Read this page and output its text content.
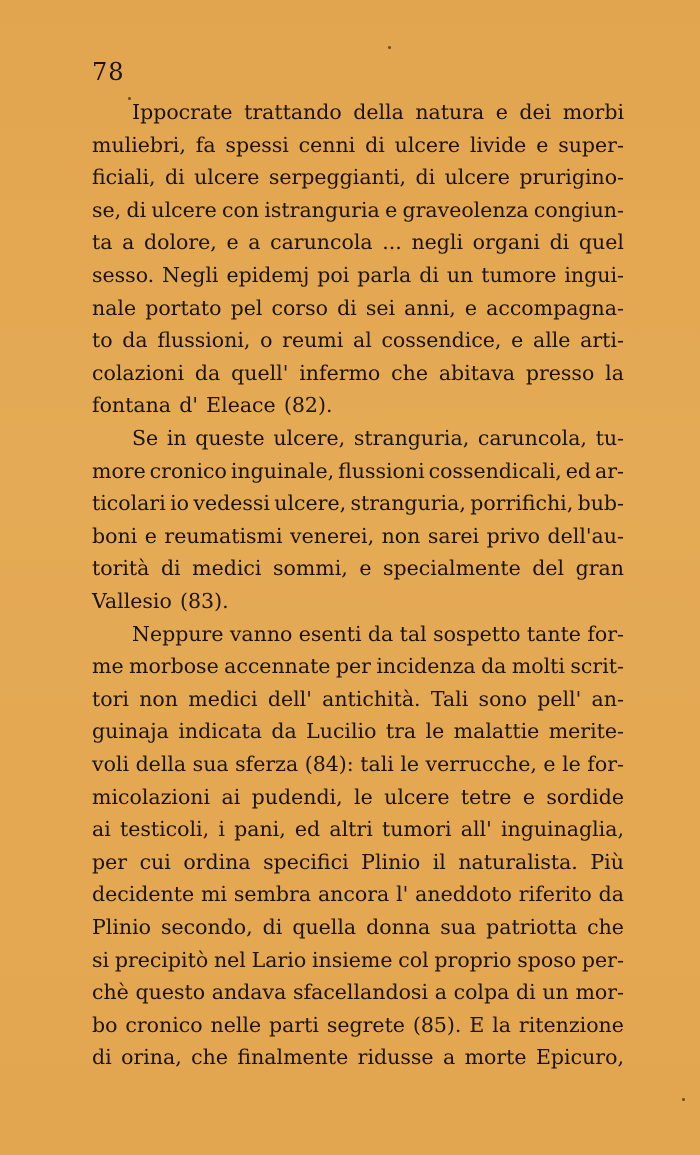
78
Ippocrate trattando della natura e dei morbi
muliebri, fa spessi cenni di ulcere livide e super-
ficiali, di ulcere serpeggianti, di ulcere prurigino-
se, di ulcere con istranguria e graveolenza congiun-
ta a dolore, e a caruncola ... negli organi di quel
sesso. Negli epidemj poi parla di un tumore ingui-
nale portato pel corso di sei anni, e accompagna-
to da flussioni, o reumi al cossendice, e alle arti-
colazioni da quell' infermo che abitava presso la
fontana d' Eleace (82).
Se in queste ulcere, stranguria, caruncola, tu-
more cronico inguinale, flussioni cossendicali, ed ar-
ticolari io vedessi ulcere, stranguria, porrifichi, bub-
boni e reumatismi venerei, non sarei privo dell'au-
torità di medici sommi, e specialmente del gran
Vallesio (83).
Neppure vanno esenti da tal sospetto tante for-
me morbose accennate per incidenza da molti scrit-
tori non medici dell' antichità. Tali sono pell' an-
guinaja indicata da Lucilio tra le malattie merite-
voli della sua sferza (84): tali le verrucche, e le for-
micolazioni ai pudendi, le ulcere tetre e sordide
ai testicoli, i pani, ed altri tumori all' inguinaglia,
per cui ordina specifici Plinio il naturalista. Più
decidente mi sembra ancora l' aneddoto riferito da
Plinio secondo, di quella donna sua patriotta che
si precipitò nel Lario insieme col proprio sposo per-
chè questo andava sfacellandosi a colpa di un mor-
bo cronico nelle parti segrete (85). E la ritenzione
di orina, che finalmente ridusse a morte Epicuro,
